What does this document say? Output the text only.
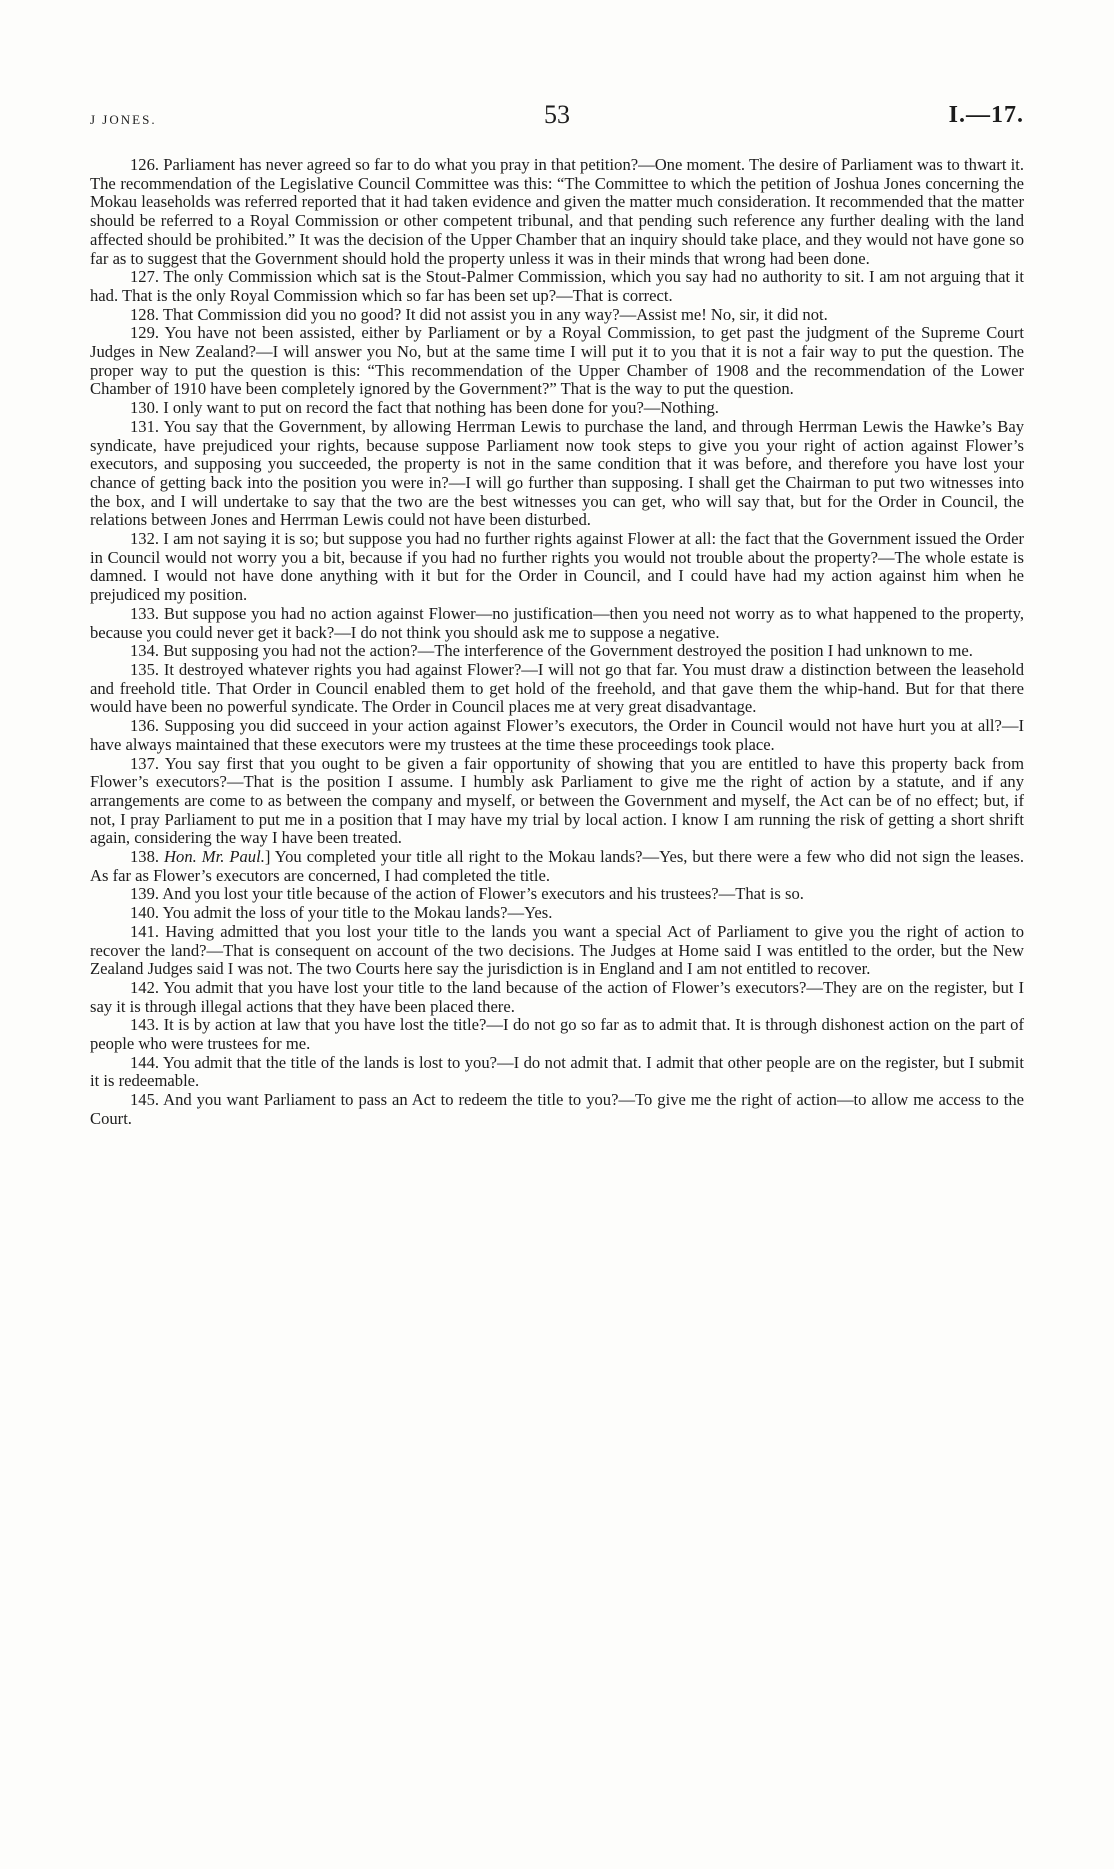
J JONES.	53	I.—17.

126. Parliament has never agreed so far to do what you pray in that petition?—One moment. The desire of Parliament was to thwart it. The recommendation of the Legislative Council Committee was this: “The Committee to which the petition of Joshua Jones concerning the Mokau leaseholds was referred reported that it had taken evidence and given the matter much consideration. It recommended that the matter should be referred to a Royal Commission or other competent tribunal, and that pending such reference any further dealing with the land affected should be prohibited.” It was the decision of the Upper Chamber that an inquiry should take place, and they would not have gone so far as to suggest that the Government should hold the property unless it was in their minds that wrong had been done.

127. The only Commission which sat is the Stout-Palmer Commission, which you say had no authority to sit. I am not arguing that it had. That is the only Royal Commission which so far has been set up?—That is correct.

128. That Commission did you no good? It did not assist you in any way?—Assist me! No, sir, it did not.

129. You have not been assisted, either by Parliament or by a Royal Commission, to get past the judgment of the Supreme Court Judges in New Zealand?—I will answer you No, but at the same time I will put it to you that it is not a fair way to put the question. The proper way to put the question is this: “This recommendation of the Upper Chamber of 1908 and the recommendation of the Lower Chamber of 1910 have been completely ignored by the Government?” That is the way to put the question.

130. I only want to put on record the fact that nothing has been done for you?—Nothing.

131. You say that the Government, by allowing Herrman Lewis to purchase the land, and through Herrman Lewis the Hawke’s Bay syndicate, have prejudiced your rights, because suppose Parliament now took steps to give you your right of action against Flower’s executors, and supposing you succeeded, the property is not in the same condition that it was before, and therefore you have lost your chance of getting back into the position you were in?—I will go further than supposing. I shall get the Chairman to put two witnesses into the box, and I will undertake to say that the two are the best witnesses you can get, who will say that, but for the Order in Council, the relations between Jones and Herrman Lewis could not have been disturbed.

132. I am not saying it is so; but suppose you had no further rights against Flower at all: the fact that the Government issued the Order in Council would not worry you a bit, because if you had no further rights you would not trouble about the property?—The whole estate is damned. I would not have done anything with it but for the Order in Council, and I could have had my action against him when he prejudiced my position.

133. But suppose you had no action against Flower—no justification—then you need not worry as to what happened to the property, because you could never get it back?—I do not think you should ask me to suppose a negative.

134. But supposing you had not the action?—The interference of the Government destroyed the position I had unknown to me.

135. It destroyed whatever rights you had against Flower?—I will not go that far. You must draw a distinction between the leasehold and freehold title. That Order in Council enabled them to get hold of the freehold, and that gave them the whip-hand. But for that there would have been no powerful syndicate. The Order in Council places me at very great disadvantage.

136. Supposing you did succeed in your action against Flower’s executors, the Order in Council would not have hurt you at all?—I have always maintained that these executors were my trustees at the time these proceedings took place.

137. You say first that you ought to be given a fair opportunity of showing that you are entitled to have this property back from Flower’s executors?—That is the position I assume. I humbly ask Parliament to give me the right of action by a statute, and if any arrangements are come to as between the company and myself, or between the Government and myself, the Act can be of no effect; but, if not, I pray Parliament to put me in a position that I may have my trial by local action. I know I am running the risk of getting a short shrift again, considering the way I have been treated.

138. Hon. Mr. Paul.] You completed your title all right to the Mokau lands?—Yes, but there were a few who did not sign the leases. As far as Flower’s executors are concerned, I had completed the title.

139. And you lost your title because of the action of Flower’s executors and his trustees?—That is so.

140. You admit the loss of your title to the Mokau lands?—Yes.

141. Having admitted that you lost your title to the lands you want a special Act of Parliament to give you the right of action to recover the land?—That is consequent on account of the two decisions. The Judges at Home said I was entitled to the order, but the New Zealand Judges said I was not. The two Courts here say the jurisdiction is in England and I am not entitled to recover.

142. You admit that you have lost your title to the land because of the action of Flower’s executors?—They are on the register, but I say it is through illegal actions that they have been placed there.

143. It is by action at law that you have lost the title?—I do not go so far as to admit that. It is through dishonest action on the part of people who were trustees for me.

144. You admit that the title of the lands is lost to you?—I do not admit that. I admit that other people are on the register, but I submit it is redeemable.

145. And you want Parliament to pass an Act to redeem the title to you?—To give me the right of action—to allow me access to the Court.
